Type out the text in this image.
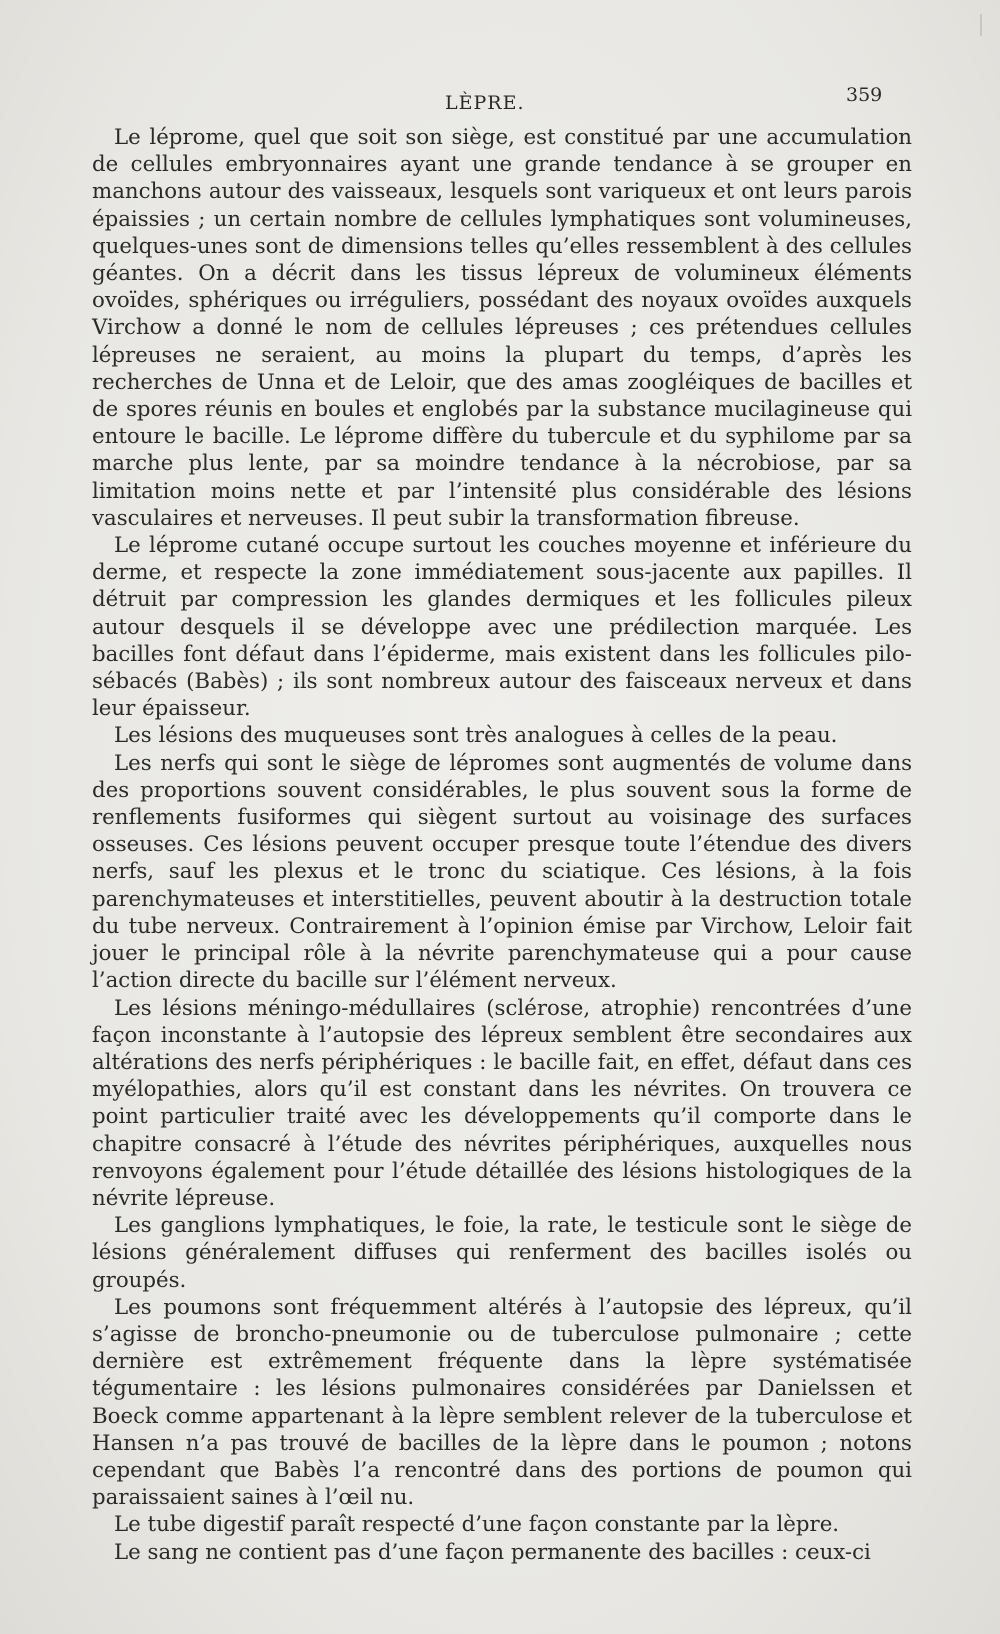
LÈPRE.	359

Le léprome, quel que soit son siège, est constitué par une accumulation de cellules embryonnaires ayant une grande tendance à se grouper en manchons autour des vaisseaux, lesquels sont variqueux et ont leurs parois épaissies ; un certain nombre de cellules lymphatiques sont volumineuses, quelques-unes sont de dimensions telles qu’elles ressemblent à des cellules géantes. On a décrit dans les tissus lépreux de volumineux éléments ovoïdes, sphériques ou irréguliers, possédant des noyaux ovoïdes auxquels Virchow a donné le nom de cellules lépreuses ; ces prétendues cellules lépreuses ne seraient, au moins la plupart du temps, d’après les recherches de Unna et de Leloir, que des amas zoogléiques de bacilles et de spores réunis en boules et englobés par la substance mucilagineuse qui entoure le bacille. Le léprome diffère du tubercule et du syphilome par sa marche plus lente, par sa moindre tendance à la nécrobiose, par sa limitation moins nette et par l’intensité plus considérable des lésions vasculaires et nerveuses. Il peut subir la transformation fibreuse.

Le léprome cutané occupe surtout les couches moyenne et inférieure du derme, et respecte la zone immédiatement sous-jacente aux papilles. Il détruit par compression les glandes dermiques et les follicules pileux autour desquels il se développe avec une prédilection marquée. Les bacilles font défaut dans l’épiderme, mais existent dans les follicules pilo-sébacés (Babès) ; ils sont nombreux autour des faisceaux nerveux et dans leur épaisseur.

Les lésions des muqueuses sont très analogues à celles de la peau.

Les nerfs qui sont le siège de lépromes sont augmentés de volume dans des proportions souvent considérables, le plus souvent sous la forme de renflements fusiformes qui siègent surtout au voisinage des surfaces osseuses. Ces lésions peuvent occuper presque toute l’étendue des divers nerfs, sauf les plexus et le tronc du sciatique. Ces lésions, à la fois parenchymateuses et interstitielles, peuvent aboutir à la destruction totale du tube nerveux. Contrairement à l’opinion émise par Virchow, Leloir fait jouer le principal rôle à la névrite parenchymateuse qui a pour cause l’action directe du bacille sur l’élément nerveux.

Les lésions méningo-médullaires (sclérose, atrophie) rencontrées d’une façon inconstante à l’autopsie des lépreux semblent être secondaires aux altérations des nerfs périphériques : le bacille fait, en effet, défaut dans ces myélopathies, alors qu’il est constant dans les névrites. On trouvera ce point particulier traité avec les développements qu’il comporte dans le chapitre consacré à l’étude des névrites périphériques, auxquelles nous renvoyons également pour l’étude détaillée des lésions histologiques de la névrite lépreuse.

Les ganglions lymphatiques, le foie, la rate, le testicule sont le siège de lésions généralement diffuses qui renferment des bacilles isolés ou groupés.

Les poumons sont fréquemment altérés à l’autopsie des lépreux, qu’il s’agisse de broncho-pneumonie ou de tuberculose pulmonaire ; cette dernière est extrêmement fréquente dans la lèpre systématisée tégumentaire : les lésions pulmonaires considérées par Danielssen et Boeck comme appartenant à la lèpre semblent relever de la tuberculose et Hansen n’a pas trouvé de bacilles de la lèpre dans le poumon ; notons cependant que Babès l’a rencontré dans des portions de poumon qui paraissaient saines à l’œil nu.

Le tube digestif paraît respecté d’une façon constante par la lèpre.

Le sang ne contient pas d’une façon permanente des bacilles : ceux-ci
